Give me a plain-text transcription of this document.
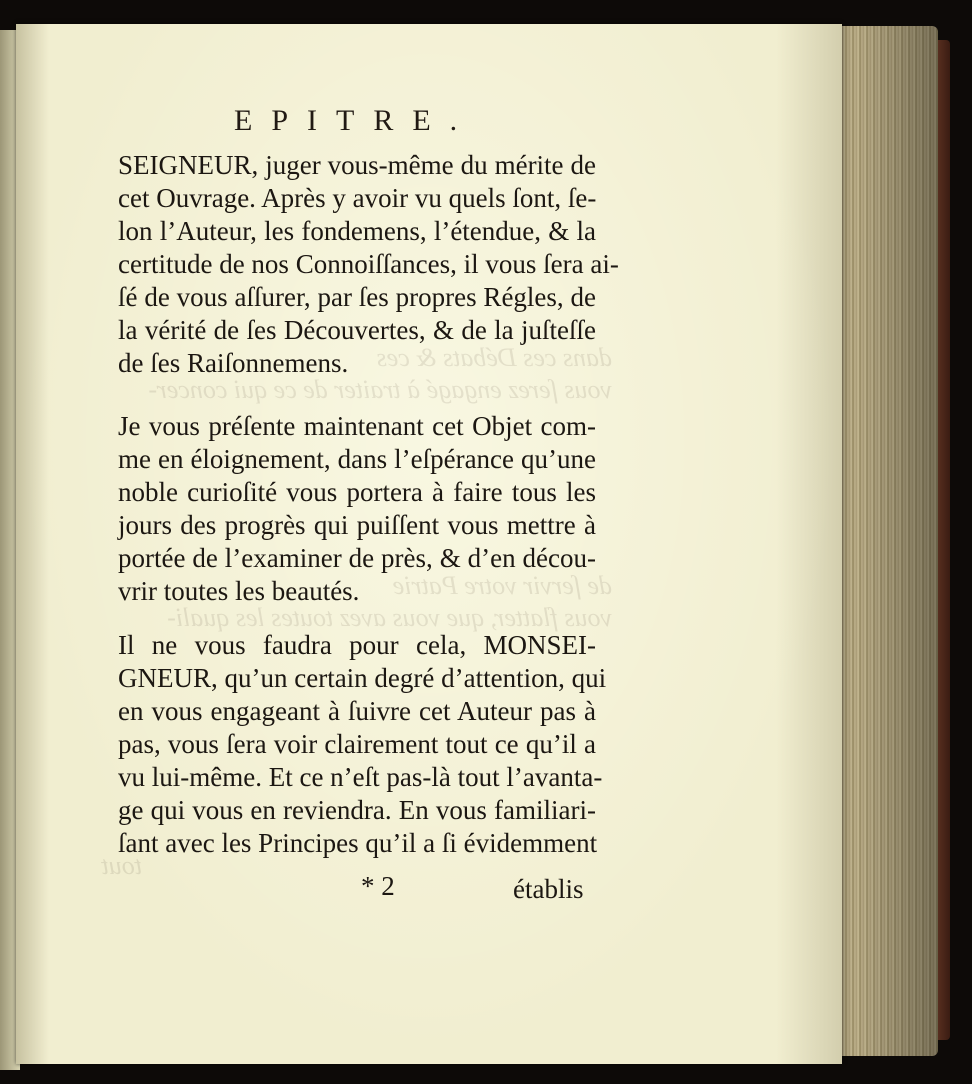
dans ces Débats & ces
vous ſerez engagé à traiter de ce qui concer-
de ſervir votre Patrie
vous flatter, que vous avez toutes les quali-
tout
EPITRE.
SEIGNEUR, juger vous-même du mérite de
cet Ouvrage. Après y avoir vu quels ſont, ſe-
lon l’Auteur, les fondemens, l’étendue, & la
certitude de nos Connoiſſances, il vous ſera ai-
ſé de vous aſſurer, par ſes propres Régles, de
la vérité de ſes Découvertes, & de la juſteſſe
de ſes Raiſonnemens.
Je vous préſente maintenant cet Objet com-
me en éloignement, dans l’eſpérance qu’une
noble curioſité vous portera à faire tous les
jours des progrès qui puiſſent vous mettre à
portée de l’examiner de près, & d’en décou-
vrir toutes les beautés.
Il ne vous faudra pour cela, MONSEI-
GNEUR, qu’un certain degré d’attention, qui
en vous engageant à ſuivre cet Auteur pas à
pas, vous ſera voir clairement tout ce qu’il a
vu lui-même. Et ce n’eſt pas-là tout l’avanta-
ge qui vous en reviendra. En vous familiari-
ſant avec les Principes qu’il a ſi évidemment
* 2	établis
